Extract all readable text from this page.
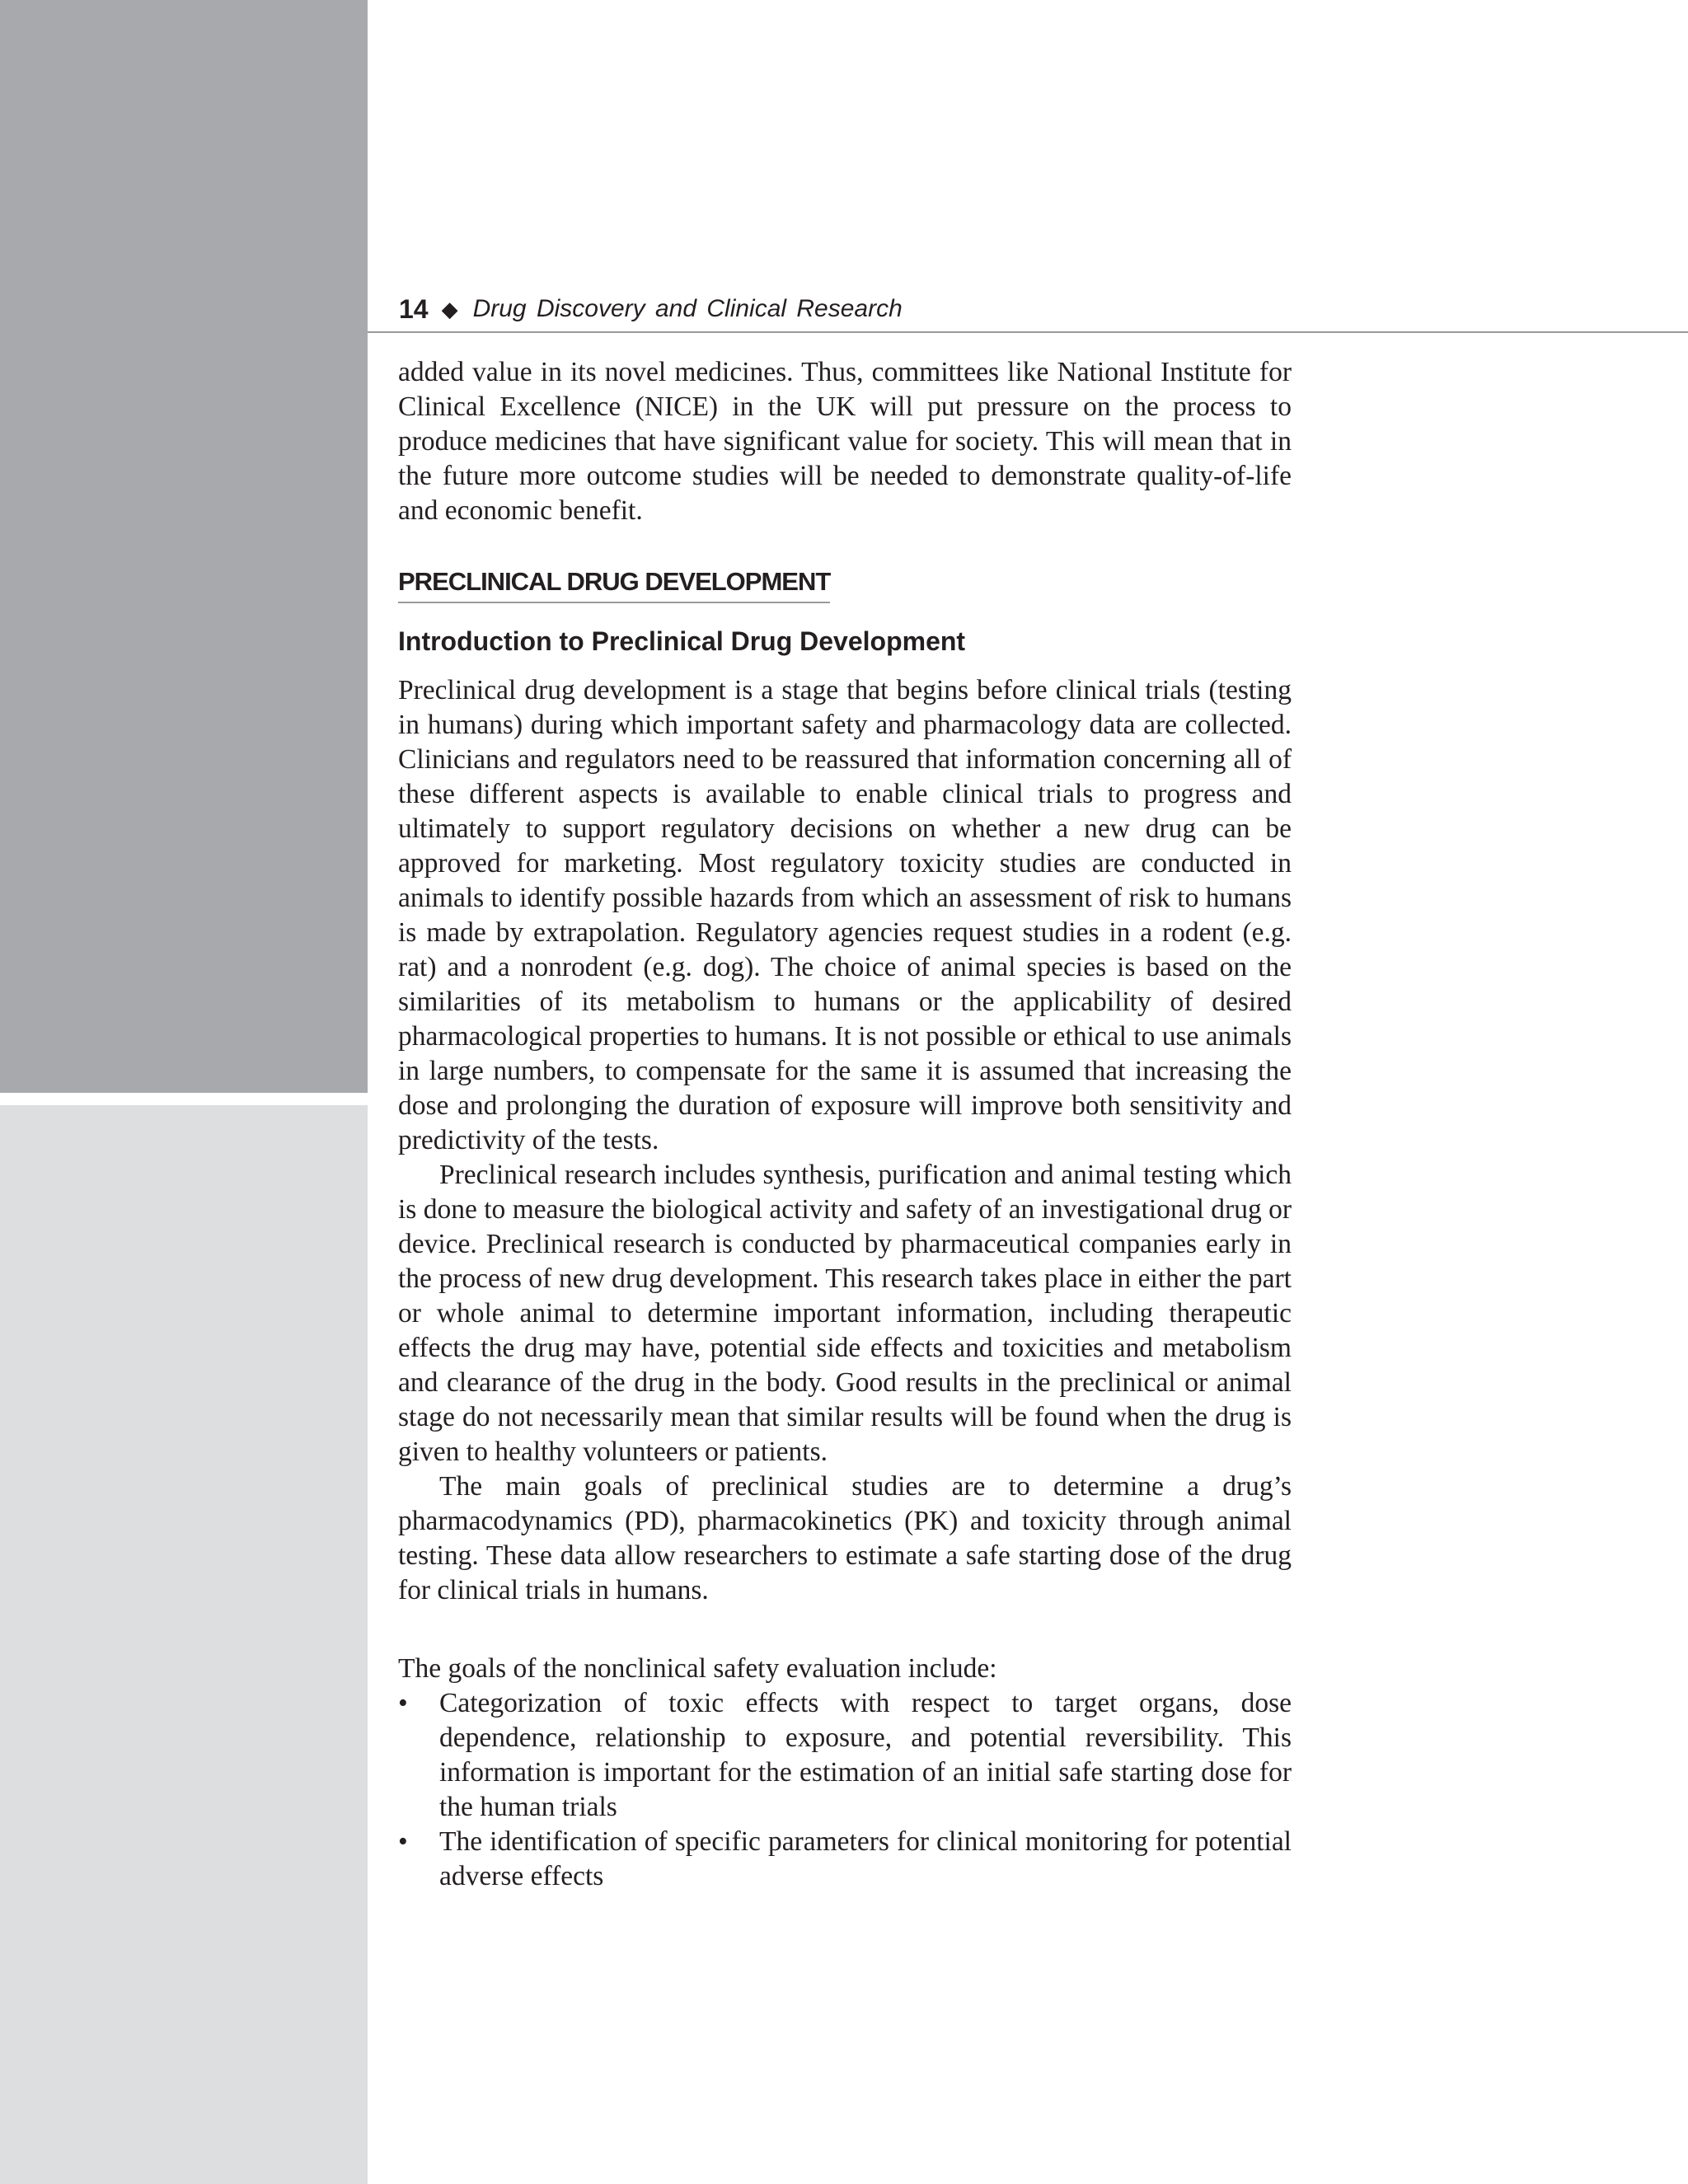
14 ◆ Drug Discovery and Clinical Research

added value in its novel medicines. Thus, committees like National Institute for Clinical Excellence (NICE) in the UK will put pressure on the process to produce medicines that have significant value for society. This will mean that in the future more outcome studies will be needed to demonstrate quality-of-life and economic benefit.

PRECLINICAL DRUG DEVELOPMENT
Introduction to Preclinical Drug Development

Preclinical drug development is a stage that begins before clinical trials (testing in humans) during which important safety and pharmacology data are collected. Clinicians and regulators need to be reassured that information concerning all of these different aspects is available to enable clinical trials to progress and ultimately to support regulatory decisions on whether a new drug can be approved for marketing. Most regulatory toxicity studies are conducted in animals to identify possible hazards from which an assessment of risk to humans is made by extrapolation. Regulatory agencies request studies in a rodent (e.g. rat) and a nonrodent (e.g. dog). The choice of animal species is based on the similarities of its metabolism to humans or the applicability of desired pharmacological properties to humans. It is not possible or ethical to use animals in large numbers, to compensate for the same it is assumed that increasing the dose and prolonging the duration of exposure will improve both sensitivity and predictivity of the tests.

Preclinical research includes synthesis, purification and animal testing which is done to measure the biological activity and safety of an investigational drug or device. Preclinical research is conducted by pharmaceutical companies early in the process of new drug development. This research takes place in either the part or whole animal to determine important information, including therapeutic effects the drug may have, potential side effects and toxicities and metabolism and clearance of the drug in the body. Good results in the preclinical or animal stage do not necessarily mean that similar results will be found when the drug is given to healthy volunteers or patients.

The main goals of preclinical studies are to determine a drug’s pharmacodynamics (PD), pharmacokinetics (PK) and toxicity through animal testing. These data allow researchers to estimate a safe starting dose of the drug for clinical trials in humans.

The goals of the nonclinical safety evaluation include:

• Categorization of toxic effects with respect to target organs, dose dependence, relationship to exposure, and potential reversibility. This information is important for the estimation of an initial safe starting dose for the human trials
• The identification of specific parameters for clinical monitoring for potential adverse effects
